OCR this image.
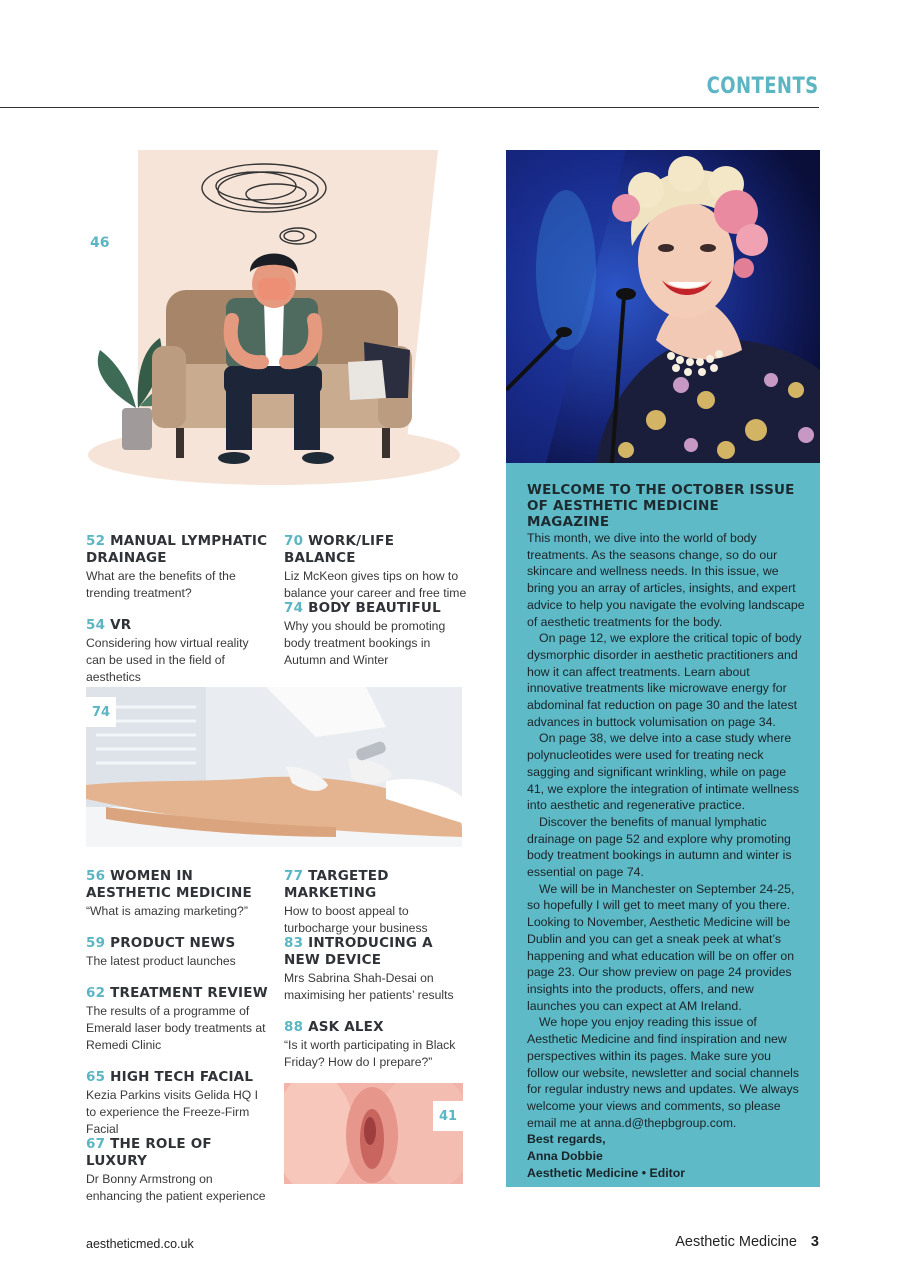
CONTENTS
46
52 MANUAL LYMPHATIC DRAINAGE
What are the benefits of the trending treatment?
54 VR
Considering how virtual reality can be used in the field of aesthetics
70 WORK/LIFE BALANCE
Liz McKeon gives tips on how to balance your career and free time
74 BODY BEAUTIFUL
Why you should be promoting body treatment bookings in Autumn and Winter
74
56 WOMEN IN AESTHETIC MEDICINE
“What is amazing marketing?”
59 PRODUCT NEWS
The latest product launches
62 TREATMENT REVIEW
The results of a programme of Emerald laser body treatments at Remedi Clinic
65 HIGH TECH FACIAL
Kezia Parkins visits Gelida HQ I to experience the Freeze-Firm Facial
67 THE ROLE OF LUXURY
Dr Bonny Armstrong on enhancing the patient experience
77 TARGETED MARKETING
How to boost appeal to turbocharge your business
83 INTRODUCING A NEW DEVICE
Mrs Sabrina Shah-Desai on maximising her patients’ results
88 ASK ALEX
“Is it worth participating in Black Friday? How do I prepare?”
41
WELCOME TO THE OCTOBER ISSUE OF AESTHETIC MEDICINE MAGAZINE

This month, we dive into the world of body treatments. As the seasons change, so do our skincare and wellness needs. In this issue, we bring you an array of articles, insights, and expert advice to help you navigate the evolving landscape of aesthetic treatments for the body.

On page 12, we explore the critical topic of body dysmorphic disorder in aesthetic practitioners and how it can affect treatments. Learn about innovative treatments like microwave energy for abdominal fat reduction on page 30 and the latest advances in buttock volumisation on page 34.

On page 38, we delve into a case study where polynucleotides were used for treating neck sagging and significant wrinkling, while on page 41, we explore the integration of intimate wellness into aesthetic and regenerative practice.

Discover the benefits of manual lymphatic drainage on page 52 and explore why promoting body treatment bookings in autumn and winter is essential on page 74.

We will be in Manchester on September 24-25, so hopefully I will get to meet many of you there. Looking to November, Aesthetic Medicine will be Dublin and you can get a sneak peek at what’s happening and what education will be on offer on page 23. Our show preview on page 24 provides insights into the products, offers, and new launches you can expect at AM Ireland.

We hope you enjoy reading this issue of Aesthetic Medicine and find inspiration and new perspectives within its pages. Make sure you follow our website, newsletter and social channels for regular industry news and updates. We always welcome your views and comments, so please email me at anna.d@thepbgroup.com.

Best regards,
Anna Dobbie
Aesthetic Medicine • Editor
aestheticmed.co.uk	Aesthetic Medicine 3
